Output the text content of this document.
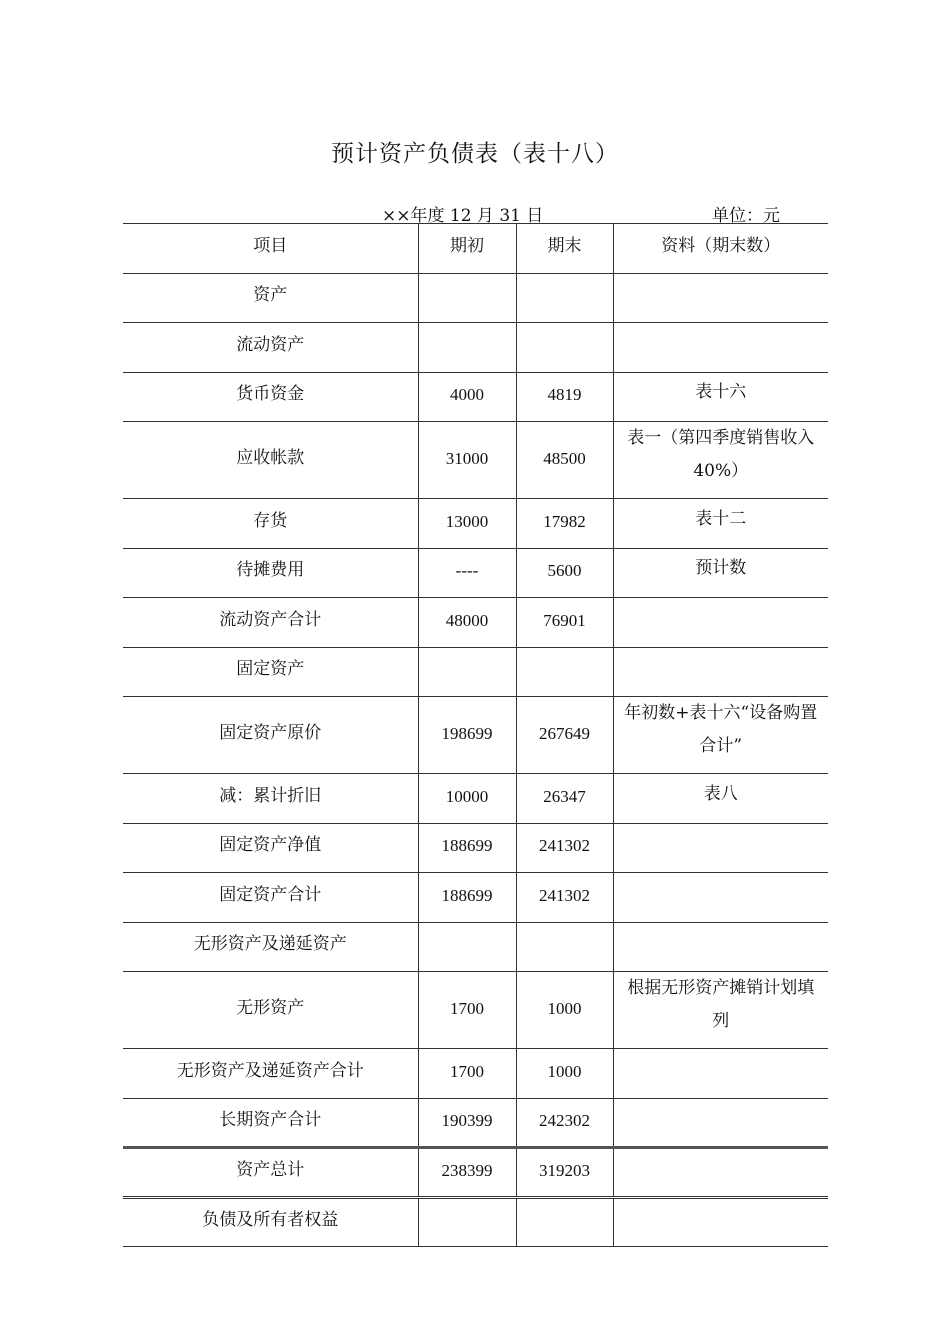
预计资产负债表（表十八）
××年度 12 月 31 日	单位：元
项目	期初	期末	资料（期末数）
资产			
流动资产			
货币资金	4000	4819	表十六
应收帐款	31000	48500	表一（第四季度销售收入 40%）
存货	13000	17982	表十二
待摊费用	----	5600	预计数
流动资产合计	48000	76901	
固定资产			
固定资产原价	198699	267649	年初数+表十六“设备购置合计”
减：累计折旧	10000	26347	表八
固定资产净值	188699	241302	
固定资产合计	188699	241302	
无形资产及递延资产			
无形资产	1700	1000	根据无形资产摊销计划填列
无形资产及递延资产合计	1700	1000	
长期资产合计	190399	242302	
资产总计	238399	319203	
负债及所有者权益			
